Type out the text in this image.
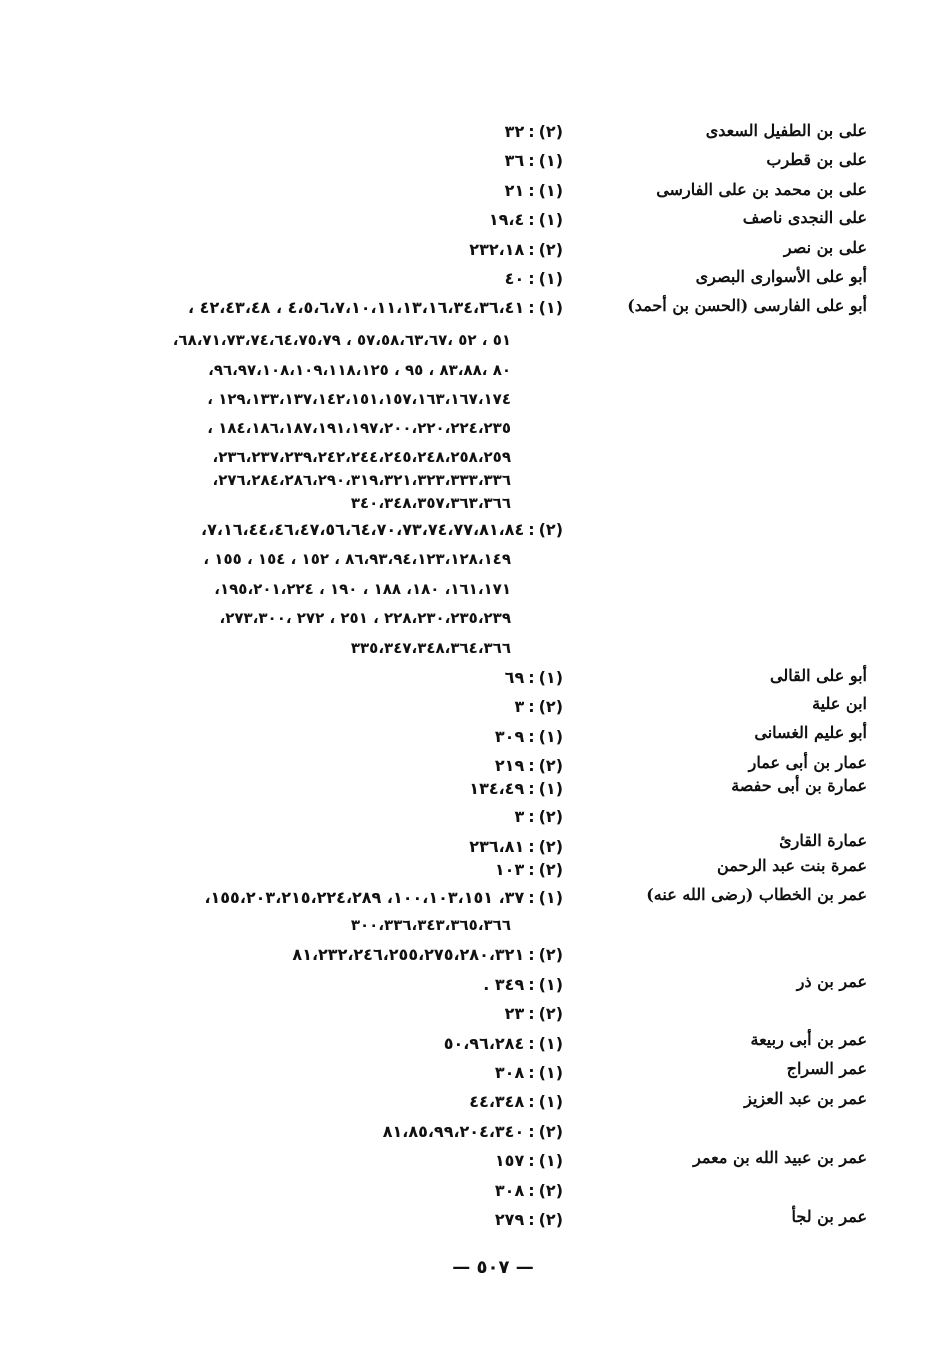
على بن الطفيل السعدى
على بن قطرب
على بن محمد بن على الفارسى
على النجدى ناصف
على بن نصر
أبو على الأسوارى البصرى
أبو على الفارسى (الحسن بن أحمد)
أبو على القالى
ابن علية
أبو عليم الغسانى
عمار بن أبى عمار
عمارة بن أبى حفصة
عمارة القارئ
عمرة بنت عبد الرحمن
عمر بن الخطاب (رضى الله عنه)
عمر بن ذر
عمر بن أبى ربيعة
عمر السراج
عمر بن عبد العزيز
عمر بن عبيد الله بن معمر
عمر بن لجأ
(٢):٣٢
(١):٣٦
(١):٢١
(١):١٩،٤
(٢):٢٣٢،١٨
(١):٤٠
(١):٤،٥،٦،٧،١٠،١١،١٣،١٦،٣٤،٣٦،٤١ ، ٤٢،٤٣،٤٨ ،
(٢):٧،١٦،٤٤،٤٦،٤٧،٥٦،٦٤،٧٠،٧٣،٧٤،٧٧،٨١،٨٤،
(١):٦٩
(٢):٣
(١):٣٠٩
(٢):٢١٩
(١):١٣٤،٤٩
(٢):٣
(٢):٢٣٦،٨١
(٢):١٠٣
(١):٣٧، ١٠٠،١٠٣،١٥١، ١٥٥،٢٠٣،٢١٥،٢٢٤،٢٨٩،
(٢):٨١،٢٣٢،٢٤٦،٢٥٥،٢٧٥،٢٨٠،٣٢١
(١):٣٤٩ .
(٢):٢٣
(١):٥٠،٩٦،٢٨٤
(١):٣٠٨
(١):٤٤،٣٤٨
(٢):٨١،٨٥،٩٩،٢٠٤،٣٤٠
(١):١٥٧
(٢):٣٠٨
(٢):٢٧٩
٥١ ، ٥٢ ،٥٧،٥٨،٦٣،٦٧ ، ٦٨،٧١،٧٣،٧٤،٦٤،٧٥،٧٩،
٨٠ ،٨٣،٨٨ ، ٩٥ ، ٩٦،٩٧،١٠٨،١٠٩،١١٨،١٢٥،
١٢٩،١٣٣،١٣٧،١٤٢،١٥١،١٥٧،١٦٣،١٦٧،١٧٤ ،
١٨٤،١٨٦،١٨٧،١٩١،١٩٧،٢٠٠،٢٢٠،٢٢٤،٢٣٥ ،
٢٣٦،٢٣٧،٢٣٩،٢٤٢،٢٤٤،٢٤٥،٢٤٨،٢٥٨،٢٥٩،
٢٧٦،٢٨٤،٢٨٦،٢٩٠،٣١٩،٣٢١،٣٢٣،٣٣٣،٣٣٦،
٣٤٠،٣٤٨،٣٥٧،٣٦٣،٣٦٦
٨٦،٩٣،٩٤،١٢٣،١٢٨،١٤٩ ، ١٥٢ ، ١٥٤ ، ١٥٥ ،
١٦١،١٧١، ١٨٠، ١٨٨ ، ١٩٠ ، ١٩٥،٢٠١،٢٢٤،
٢٢٨،٢٣٠،٢٣٥،٢٣٩ ، ٢٥١ ، ٢٧٢ ،٢٧٣،٣٠٠،
٣٣٥،٣٤٧،٣٤٨،٣٦٤،٣٦٦
٣٠٠،٣٣٦،٣٤٣،٣٦٥،٣٦٦
— ٥٠٧ —
